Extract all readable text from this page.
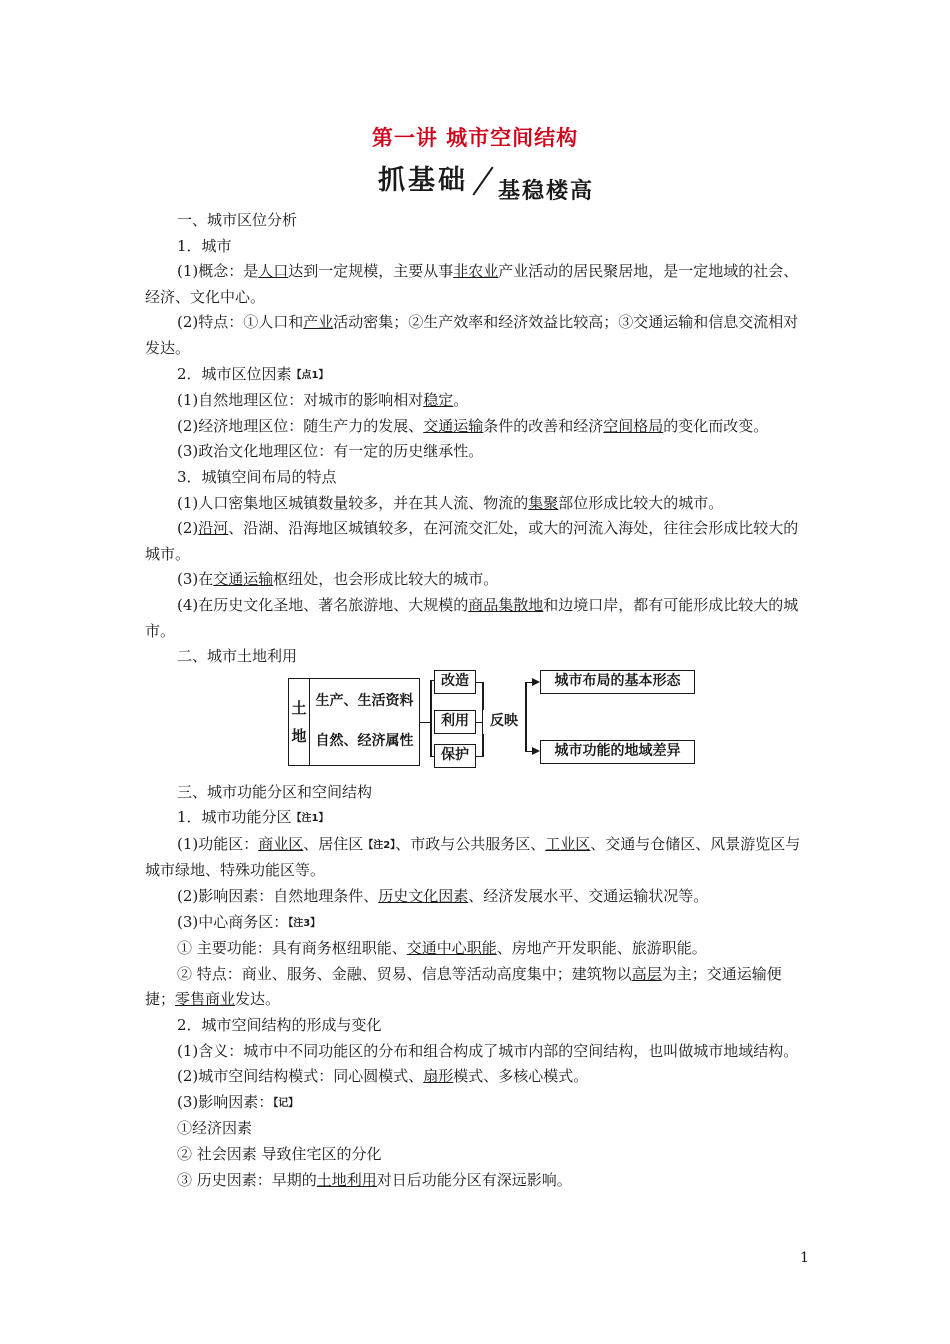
第一讲 城市空间结构
抓基础 基稳楼高

一、城市区位分析

1．城市

(1)概念：是人口达到一定规模，主要从事非农业产业活动的居民聚居地，是一定地域的社会、经济、文化中心。

(2)特点：①人口和产业活动密集；②生产效率和经济效益比较高；③交通运输和信息交流相对发达。

2．城市区位因素【点1】

(1)自然地理区位：对城市的影响相对稳定。

(2)经济地理区位：随生产力的发展、交通运输条件的改善和经济空间格局的变化而改变。

(3)政治文化地理区位：有一定的历史继承性。

3．城镇空间布局的特点

(1)人口密集地区城镇数量较多，并在其人流、物流的集聚部位形成比较大的城市。

(2)沿河、沿湖、沿海地区城镇较多，在河流交汇处，或大的河流入海处，往往会形成比较大的城市。

(3)在交通运输枢纽处，也会形成比较大的城市。

(4)在历史文化圣地、著名旅游地、大规模的商品集散地和边境口岸，都有可能形成比较大的城市。

二、城市土地利用

土地
生产、生活资料
自然、经济属性
改造
利用
保护
反映
城市布局的基本形态
城市功能的地域差异

三、城市功能分区和空间结构

1．城市功能分区【注1】

(1)功能区：商业区、居住区【注2】、市政与公共服务区、工业区、交通与仓储区、风景游览区与城市绿地、特殊功能区等。

(2)影响因素：自然地理条件、历史文化因素、经济发展水平、交通运输状况等。

(3)中心商务区：【注3】

① 主要功能：具有商务枢纽职能、交通中心职能、房地产开发职能、旅游职能。

② 特点：商业、服务、金融、贸易、信息等活动高度集中；建筑物以高层为主；交通运输便捷；零售商业发达。

2．城市空间结构的形成与变化

(1)含义：城市中不同功能区的分布和组合构成了城市内部的空间结构，也叫做城市地域结构。

(2)城市空间结构模式：同心圆模式、扇形模式、多核心模式。

(3)影响因素：【记】

①经济因素

② 社会因素 导致住宅区的分化

③ 历史因素：早期的土地利用对日后功能分区有深远影响。

1
